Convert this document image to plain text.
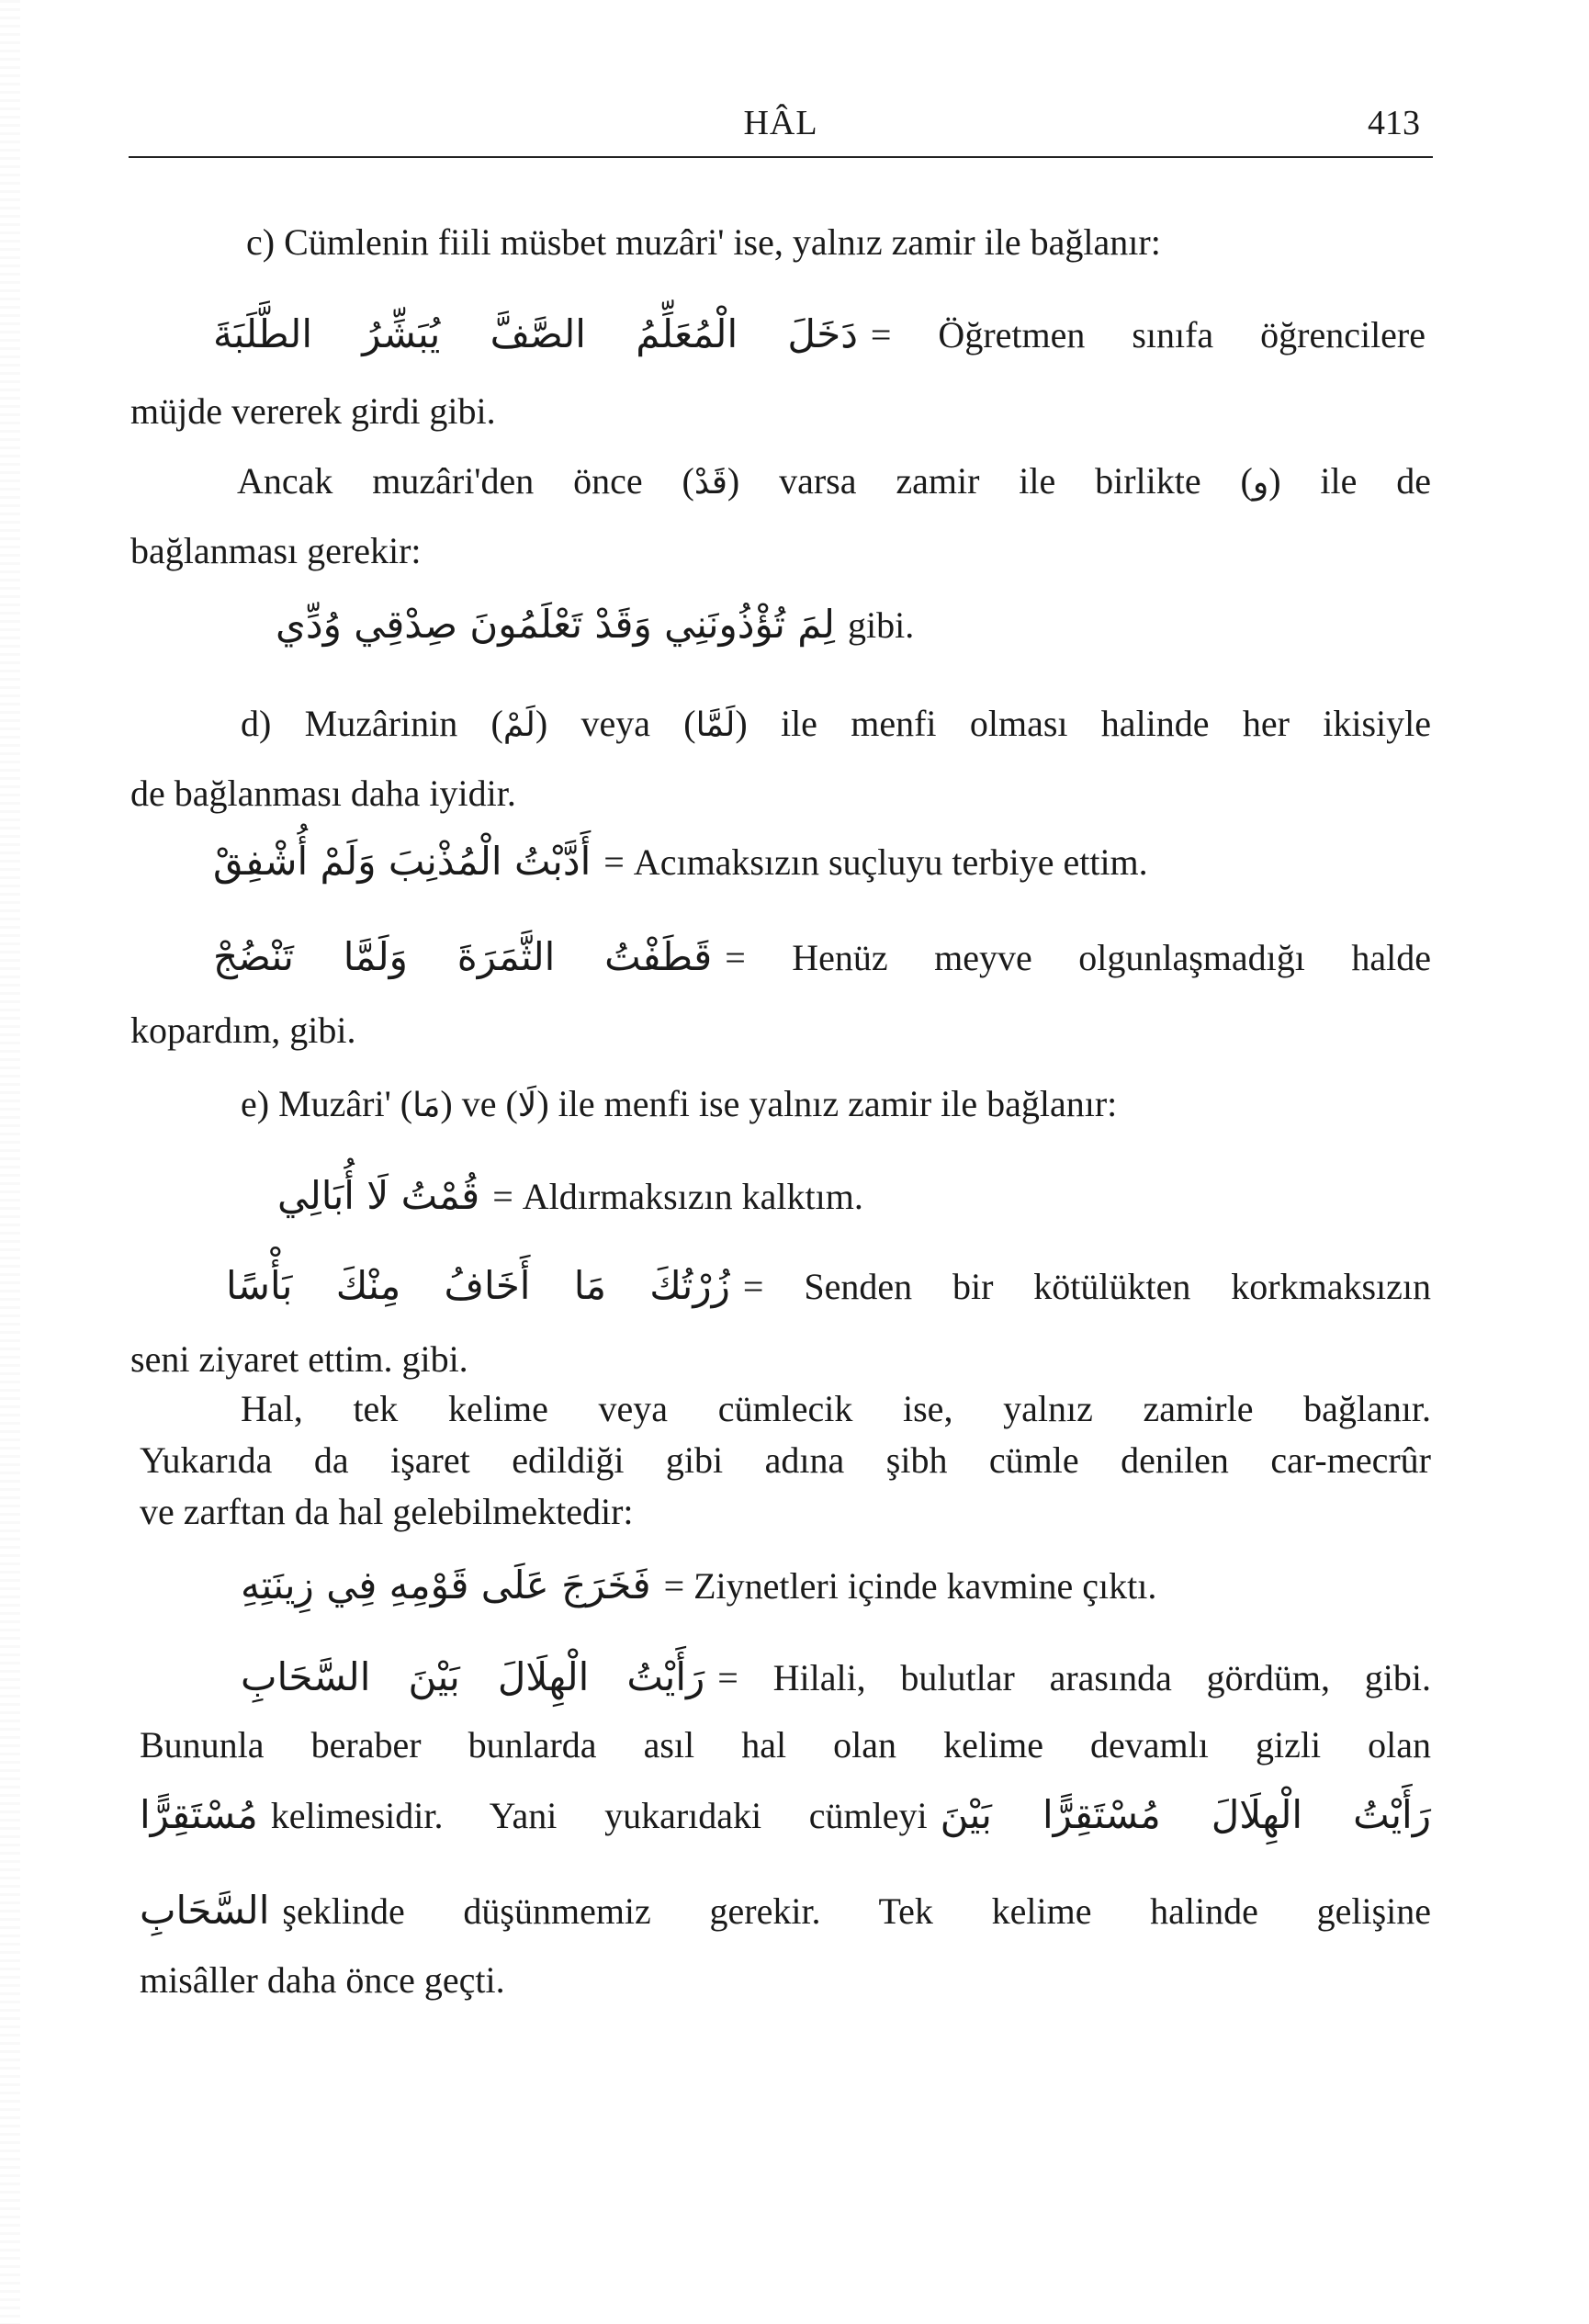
HÂL	413
c) Cümlenin fiili müsbet muzâri' ise, yalnız zamir ile bağlanır:
دَخَلَ الْمُعَلِّمُ الصَّفَّ يُبَشِّرُ الطَّلَبَةَ = Öğretmen sınıfa öğrencilere
müjde vererek girdi gibi.
Ancak muzâri'den önce (قَدْ) varsa zamir ile birlikte (و) ile de
bağlanması gerekir:
لِمَ تُؤْذُونَنِي وَقَدْ تَعْلَمُونَ صِدْقِي وُدِّي gibi.
d) Muzârinin (لَمْ) veya (لَمَّا) ile menfi olması halinde her ikisiyle
de bağlanması daha iyidir.
أَدَّبْتُ الْمُذْنِبَ وَلَمْ أُشْفِقْ = Acımaksızın suçluyu terbiye ettim.
قَطَفْتُ الثَّمَرَةَ وَلَمَّا تَنْضُجْ = Henüz meyve olgunlaşmadığı halde
kopardım, gibi.
e) Muzâri' (مَا) ve (لَا) ile menfi ise yalnız zamir ile bağlanır:
قُمْتُ لَا أُبَالِي = Aldırmaksızın kalktım.
زُرْتُكَ مَا أَخَافُ مِنْكَ بَأْسًا = Senden bir kötülükten korkmaksızın
seni ziyaret ettim. gibi.
Hal, tek kelime veya cümlecik ise, yalnız zamirle bağlanır.
Yukarıda da işaret edildiği gibi adına şibh cümle denilen car-mecrûr
ve zarftan da hal gelebilmektedir:
فَخَرَجَ عَلَى قَوْمِهِ فِي زِينَتِهِ = Ziynetleri içinde kavmine çıktı.
رَأَيْتُ الْهِلَالَ بَيْنَ السَّحَابِ = Hilali, bulutlar arasında gördüm, gibi.
Bununla beraber bunlarda asıl hal olan kelime devamlı gizli olan
مُسْتَقِرًّا kelimesidir. Yani yukarıdaki cümleyi رَأَيْتُ الْهِلَالَ مُسْتَقِرًّا بَيْنَ
السَّحَابِ şeklinde düşünmemiz gerekir. Tek kelime halinde gelişine
misâller daha önce geçti.
